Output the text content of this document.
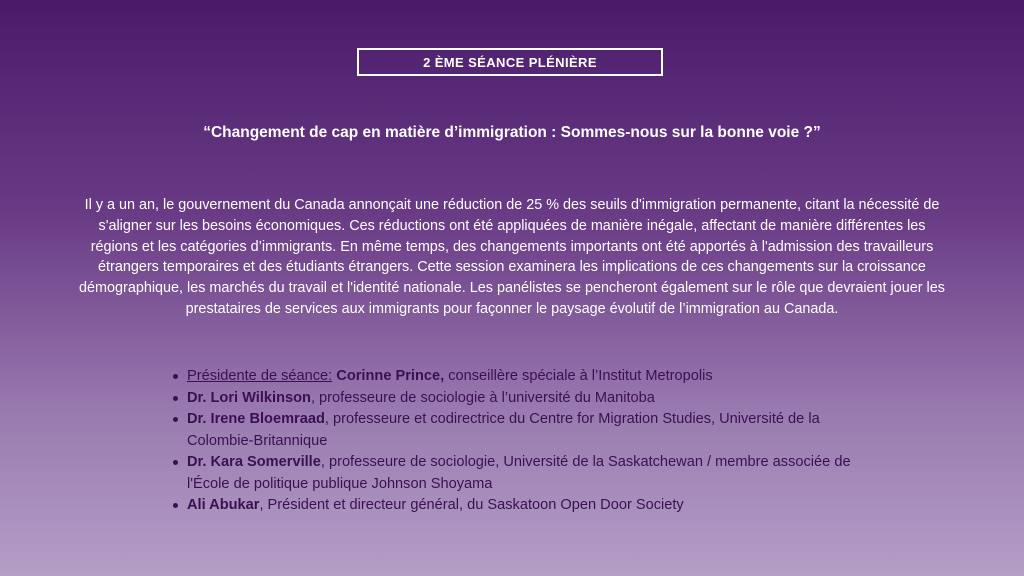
2 ÈME SÉANCE PLÉNIÈRE
“Changement de cap en matière d’immigration : Sommes-nous sur la bonne voie ?”
Il y a un an, le gouvernement du Canada annonçait une réduction de 25 % des seuils d'immigration permanente, citant la nécessité de s'aligner sur les besoins économiques. Ces réductions ont été appliquées de manière inégale, affectant de manière différentes les régions et les catégories d’immigrants. En même temps, des changements importants ont été apportés à l'admission des travailleurs étrangers temporaires et des étudiants étrangers. Cette session examinera les implications de ces changements sur la croissance démographique, les marchés du travail et l'identité nationale. Les panélistes se pencheront également sur le rôle que devraient jouer les prestataires de services aux immigrants pour façonner le paysage évolutif de l’immigration au Canada.
Présidente de séance: Corinne Prince, conseillère spéciale à l’Institut Metropolis
Dr. Lori Wilkinson, professeure de sociologie à l’université du Manitoba
Dr. Irene Bloemraad, professeure et codirectrice du Centre for Migration Studies, Université de la Colombie-Britannique
Dr. Kara Somerville, professeure de sociologie, Université de la Saskatchewan / membre associée de l'École de politique publique Johnson Shoyama
Ali Abukar, Président et directeur général, du Saskatoon Open Door Society
